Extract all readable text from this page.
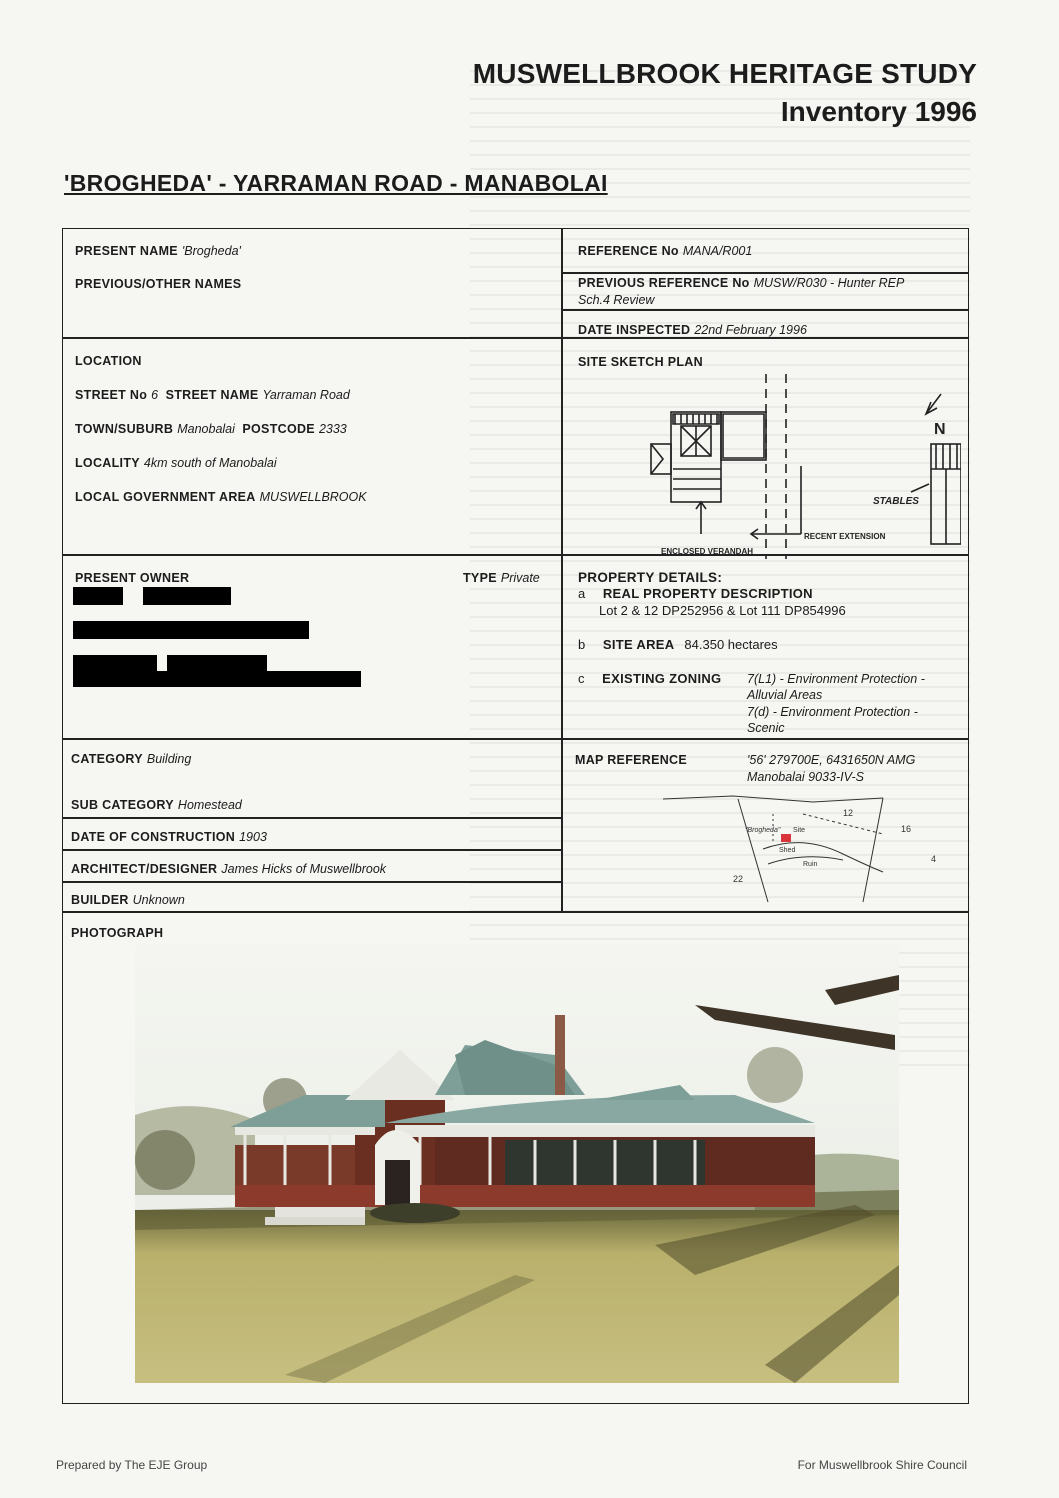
MUSWELLBROOK HERITAGE STUDY
Inventory 1996
'BROGHEDA' - YARRAMAN ROAD - MANABOLAI
PRESENT NAME 'Brogheda'
PREVIOUS/OTHER NAMES
REFERENCE No MANA/R001
PREVIOUS REFERENCE No MUSW/R030 - Hunter REP
Sch.4 Review
DATE INSPECTED 22nd February 1996
LOCATION
STREET No 6 STREET NAME Yarraman Road
TOWN/SUBURB Manobalai POSTCODE 2333
LOCALITY 4km south of Manobalai
LOCAL GOVERNMENT AREA MUSWELLBROOK
SITE SKETCH PLAN
N
STABLES
RECENT EXTENSION
ENCLOSED VERANDAH
PRESENT OWNER	TYPE Private	PROPERTY DETAILS:
a REAL PROPERTY DESCRIPTION
Lot 2 & 12 DP252956 & Lot 111 DP854996
b SITE AREA 84.350 hectares
c EXISTING ZONING 7(L1) - Environment Protection -
Alluvial Areas
7(d) - Environment Protection -
Scenic
CATEGORY Building
SUB CATEGORY Homestead
DATE OF CONSTRUCTION 1903
ARCHITECT/DESIGNER James Hicks of Muswellbrook
BUILDER Unknown
MAP REFERENCE	'56' 279700E, 6431650N AMG
Manobalai 9033-IV-S
12
16
4
22
"Brogheda" Site
Shed
Ruin
PHOTOGRAPH
Prepared by The EJE Group	For Muswellbrook Shire Council
